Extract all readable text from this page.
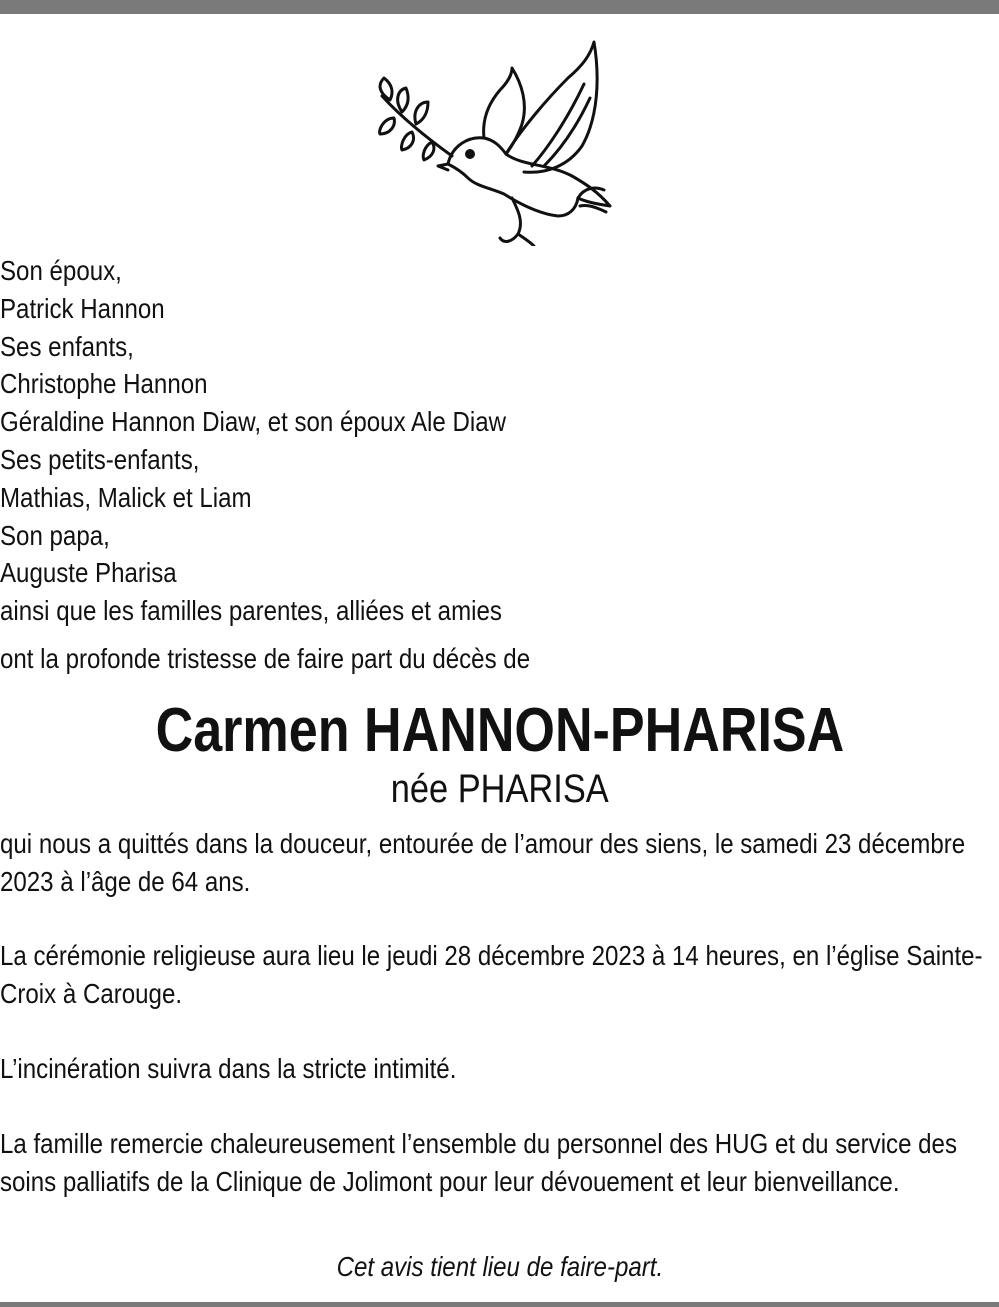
Son époux,
Patrick Hannon
Ses enfants,
Christophe Hannon
Géraldine Hannon Diaw, et son époux Ale Diaw
Ses petits-enfants,
Mathias, Malick et Liam
Son papa,
Auguste Pharisa
ainsi que les familles parentes, alliées et amies
ont la profonde tristesse de faire part du décès de
Carmen HANNON-PHARISA
née PHARISA
qui nous a quittés dans la douceur, entourée de l’amour des siens, le samedi 23 décembre 2023 à l’âge de 64 ans.
La cérémonie religieuse aura lieu le jeudi 28 décembre 2023 à 14 heures, en l’église Sainte-Croix à Carouge.
L’incinération suivra dans la stricte intimité.
La famille remercie chaleureusement l’ensemble du personnel des HUG et du service des soins palliatifs de la Clinique de Jolimont pour leur dévouement et leur bienveillance.
Cet avis tient lieu de faire-part.
